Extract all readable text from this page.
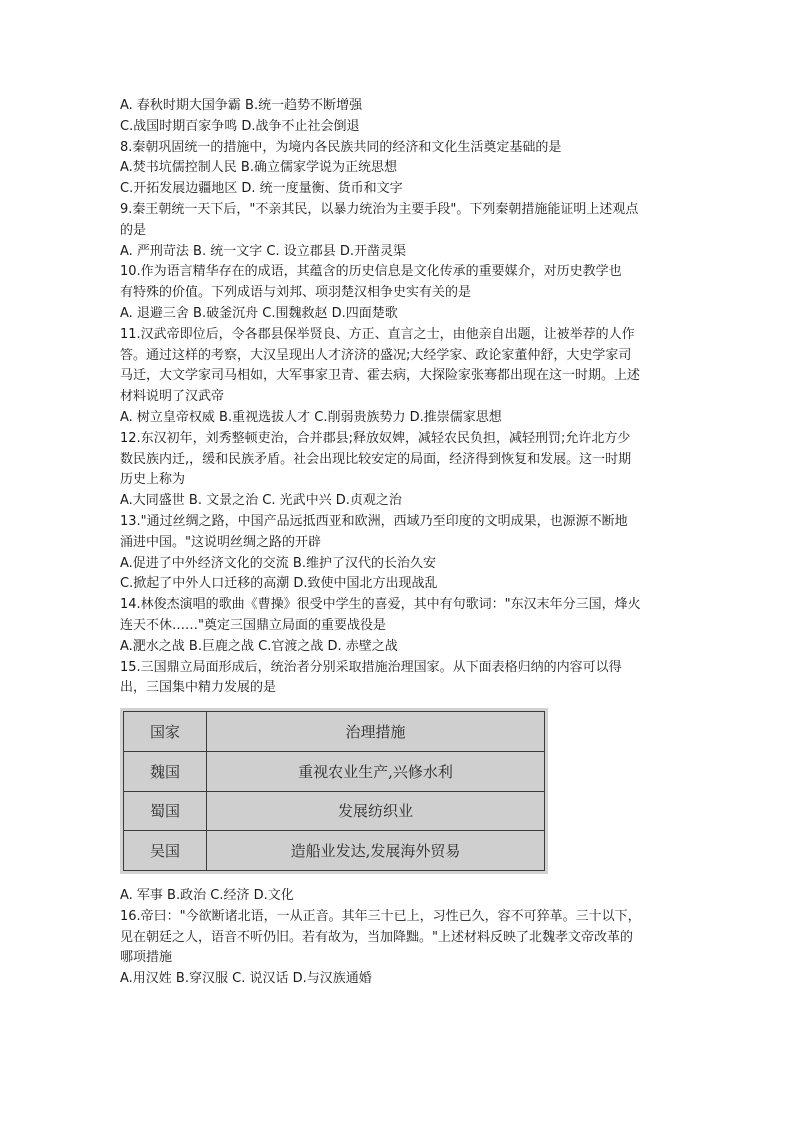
A. 春秋时期大国争霸 B.统一趋势不断增强
C.战国时期百家争鸣 D.战争不止社会倒退
8.秦朝巩固统一的措施中，为境内各民族共同的经济和文化生活奠定基础的是
A.焚书坑儒控制人民 B.确立儒家学说为正统思想
C.开拓发展边疆地区 D. 统一度量衡、货币和文字
9.秦王朝统一天下后，"不亲其民，以暴力统治为主要手段"。下列秦朝措施能证明上述观点
的是
A. 严刑苛法 B. 统一文字 C. 设立郡县 D.开凿灵渠
10.作为语言精华存在的成语，其蕴含的历史信息是文化传承的重要媒介，对历史教学也
有特殊的价值。下列成语与刘邦、项羽楚汉相争史实有关的是
A. 退避三舍 B.破釜沉舟 C.围魏救赵 D.四面楚歌
11.汉武帝即位后，令各郡县保举贤良、方正、直言之士，由他亲自出题，让被举荐的人作
答。通过这样的考察，大汉呈现出人才济济的盛况;大经学家、政论家董仲舒，大史学家司
马迁，大文学家司马相如，大军事家卫青、霍去病，大探险家张骞都出现在这一时期。上述
材料说明了汉武帝
A. 树立皇帝权威 B.重视选拔人才 C.削弱贵族势力 D.推崇儒家思想
12.东汉初年，刘秀整顿吏治，合并郡县;释放奴婢，减轻农民负担，减轻刑罚;允许北方少
数民族内迁,，缓和民族矛盾。社会出现比较安定的局面，经济得到恢复和发展。这一时期
历史上称为
A.大同盛世 B. 文景之治 C. 光武中兴 D.贞观之治
13."通过丝绸之路，中国产品远抵西亚和欧洲，西域乃至印度的文明成果，也源源不断地
涌进中国。"这说明丝绸之路的开辟
A.促进了中外经济文化的交流 B.维护了汉代的长治久安
C.掀起了中外人口迁移的高潮 D.致使中国北方出现战乱
14.林俊杰演唱的歌曲《曹操》很受中学生的喜爱，其中有句歌词："东汉末年分三国，烽火
连天不休……"奠定三国鼎立局面的重要战役是
A.淝水之战 B.巨鹿之战 C.官渡之战 D. 赤壁之战
15.三国鼎立局面形成后，统治者分别采取措施治理国家。从下面表格归纳的内容可以得
出，三国集中精力发展的是
国家	治理措施
魏国	重视农业生产,兴修水利
蜀国	发展纺织业
吴国	造船业发达,发展海外贸易
A. 军事 B.政治 C.经济 D.文化
16.帝曰："今欲断诸北语，一从正音。其年三十已上，习性已久，容不可猝革。三十以下，
见在朝廷之人，语音不听仍旧。若有故为，当加降黜。"上述材料反映了北魏孝文帝改革的
哪项措施
A.用汉姓 B.穿汉服 C. 说汉话 D.与汉族通婚
